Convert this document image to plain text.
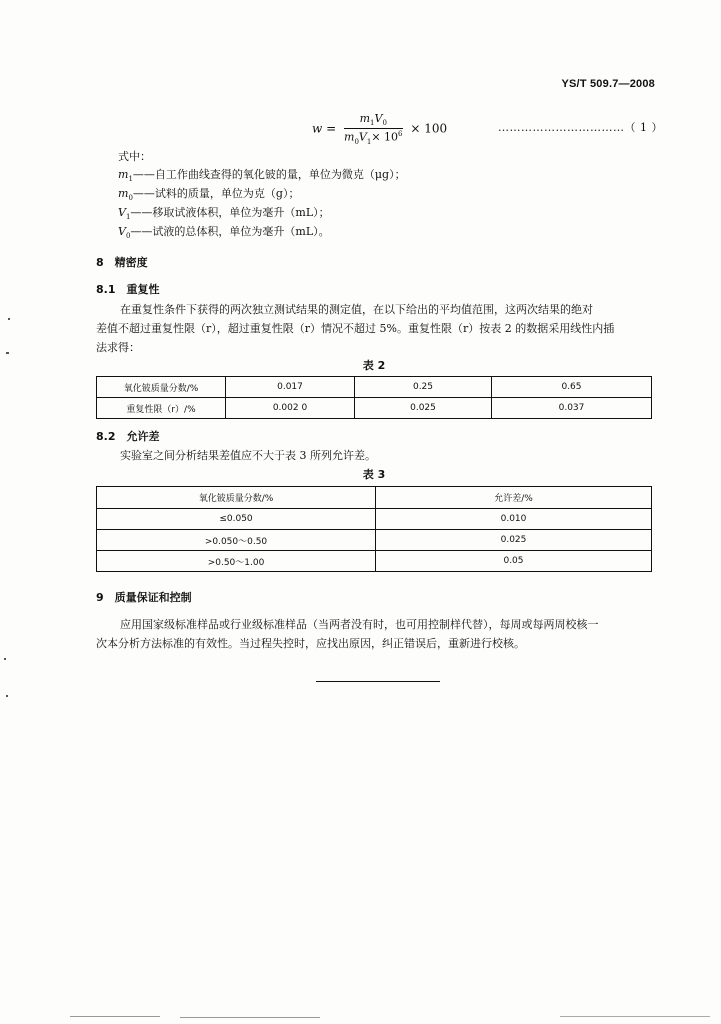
YS/T 509.7—2008
$w = \frac{m_1V_0}{m_0V_1\times 10^6} \times 100$	……………………………（ 1 ）
式中：
$m_1——$自工作曲线查得的氧化铍的量，单位为微克（μg）；
$m_0——$试料的质量，单位为克（g）；
$V_1——$移取试液体积，单位为毫升（mL）；
$V_0——$试液的总体积，单位为毫升（mL）。
8　精密度
8.1　重复性
在重复性条件下获得的两次独立测试结果的测定值，在以下给出的平均值范围，这两次结果的绝对
差值不超过重复性限（r），超过重复性限（r）情况不超过 5%。重复性限（r）按表 2 的数据采用线性内插
法求得：
表 2
氧化铍质量分数/%	0.017	0.25	0.65
重复性限（r）/%	0.002 0	0.025	0.037
8.2　允许差
实验室之间分析结果差值应不大于表 3 所列允许差。
表 3
氧化铍质量分数/%	允许差/%
≤0.050	0.010
>0.050～0.50	0.025
>0.50～1.00	0.05
9　质量保证和控制
应用国家级标准样品或行业级标准样品（当两者没有时，也可用控制样代替），每周或每两周校核一
次本分析方法标准的有效性。当过程失控时，应找出原因，纠正错误后，重新进行校核。
